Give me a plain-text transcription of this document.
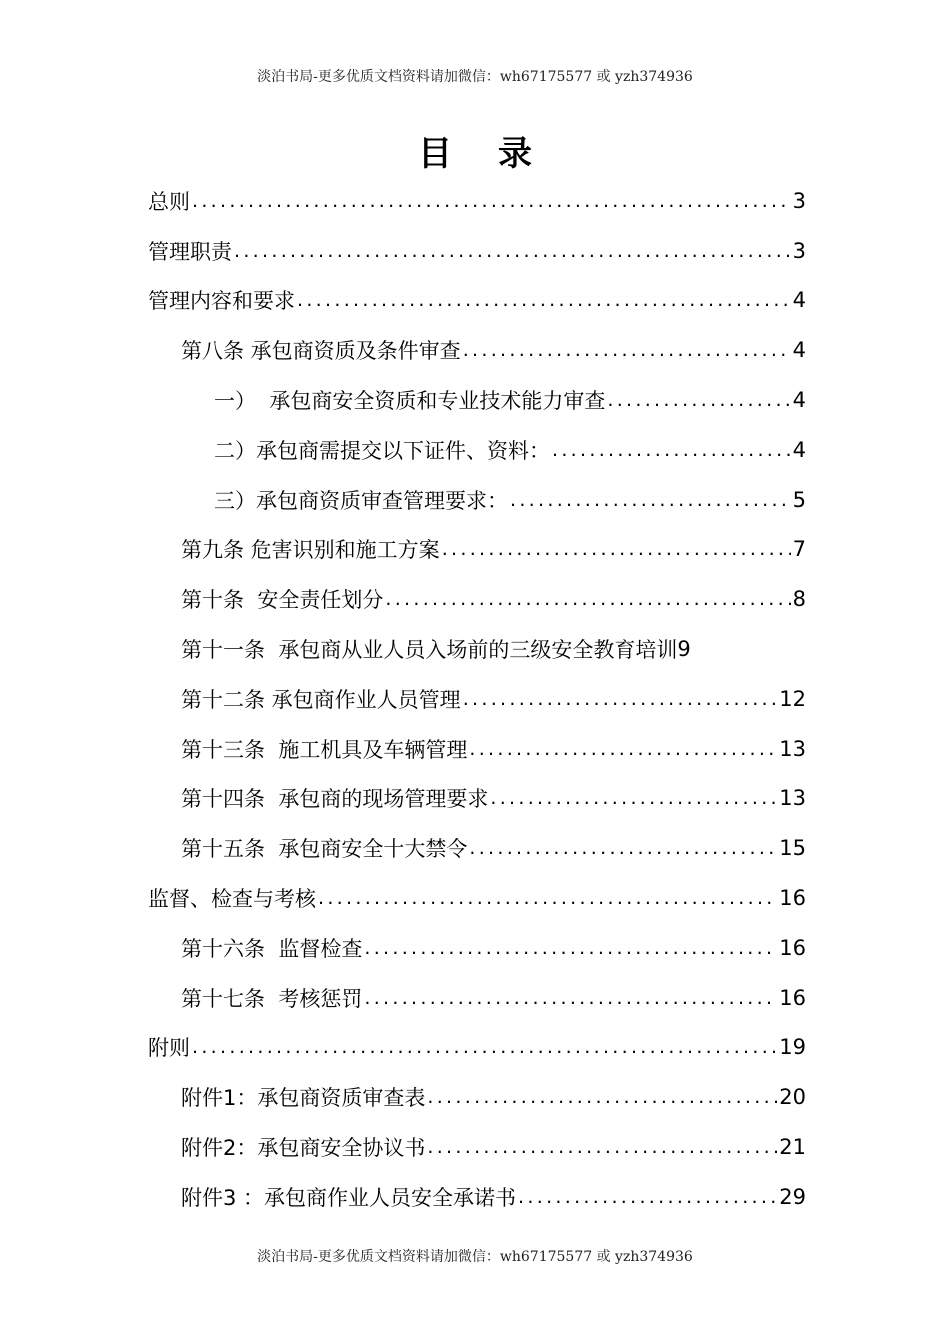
淡泊书局-更多优质文档资料请加微信：wh67175577 或 yzh374936
目录
总则 .....	3
管理职责 .....	3
管理内容和要求 .....	4
第八条 承包商资质及条件审查 .....	4
一）  承包商安全资质和专业技术能力审查 .....	4
二）承包商需提交以下证件、资料： .....	4
三）承包商资质审查管理要求： .....	5
第九条 危害识别和施工方案 .....	7
第十条  安全责任划分 .....	8
第十一条  承包商从业人员入场前的三级安全教育培训 9
第十二条 承包商作业人员管理 .....	12
第十三条  施工机具及车辆管理 .....	13
第十四条  承包商的现场管理要求 .....	13
第十五条  承包商安全十大禁令 .....	15
监督、检查与考核 .....	16
第十六条  监督检查 .....	16
第十七条  考核惩罚 .....	16
附则 .....	19
附件1：承包商资质审查表 .....	20
附件2：承包商安全协议书 .....	21
附件3 ：承包商作业人员安全承诺书 .....	29
淡泊书局-更多优质文档资料请加微信：wh67175577 或 yzh374936
